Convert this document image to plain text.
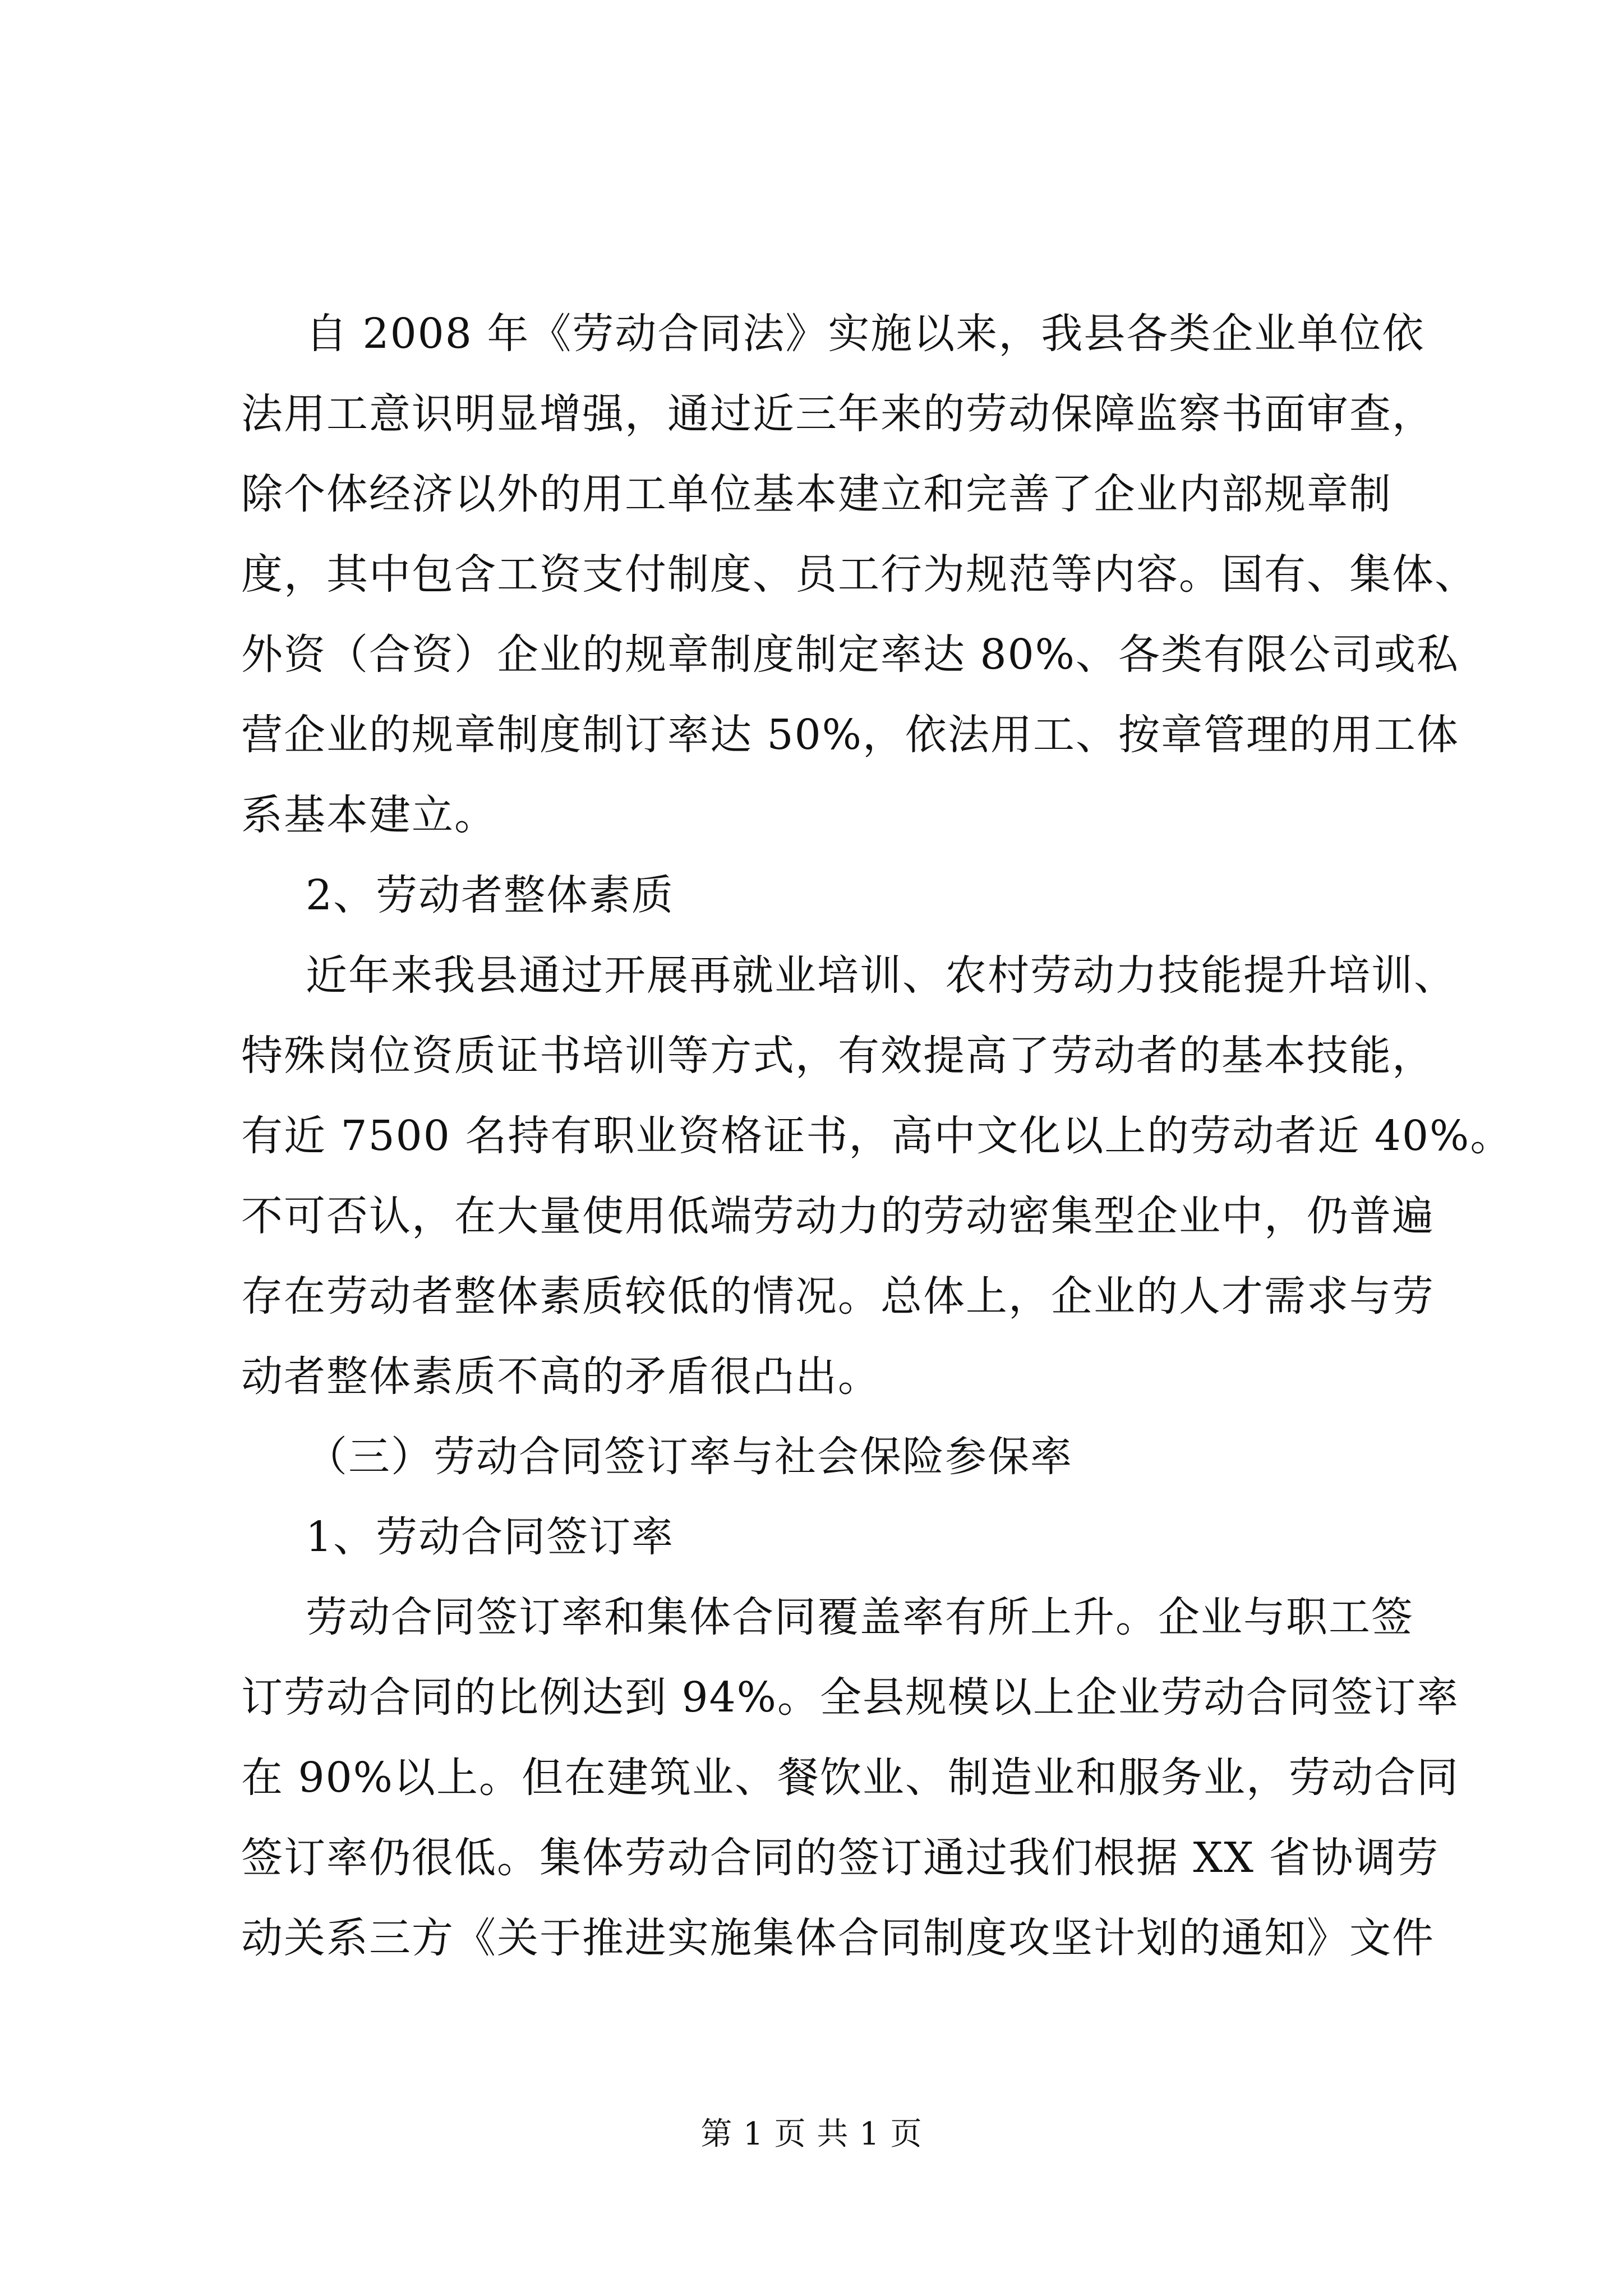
自 2008 年《劳动合同法》实施以来，我县各类企业单位依
法用工意识明显增强，通过近三年来的劳动保障监察书面审查，
除个体经济以外的用工单位基本建立和完善了企业内部规章制
度，其中包含工资支付制度、员工行为规范等内容。国有、集体、
外资（合资）企业的规章制度制定率达 80%、各类有限公司或私
营企业的规章制度制订率达 50%，依法用工、按章管理的用工体
系基本建立。
2、劳动者整体素质
近年来我县通过开展再就业培训、农村劳动力技能提升培训、
特殊岗位资质证书培训等方式，有效提高了劳动者的基本技能，
有近 7500 名持有职业资格证书，高中文化以上的劳动者近 40%。
不可否认，在大量使用低端劳动力的劳动密集型企业中，仍普遍
存在劳动者整体素质较低的情况。总体上，企业的人才需求与劳
动者整体素质不高的矛盾很凸出。
（三）劳动合同签订率与社会保险参保率
1、劳动合同签订率
劳动合同签订率和集体合同覆盖率有所上升。企业与职工签
订劳动合同的比例达到 94%。全县规模以上企业劳动合同签订率
在 90%以上。但在建筑业、餐饮业、制造业和服务业，劳动合同
签订率仍很低。集体劳动合同的签订通过我们根据 XX 省协调劳
动关系三方《关于推进实施集体合同制度攻坚计划的通知》文件
第 1 页 共 1 页
